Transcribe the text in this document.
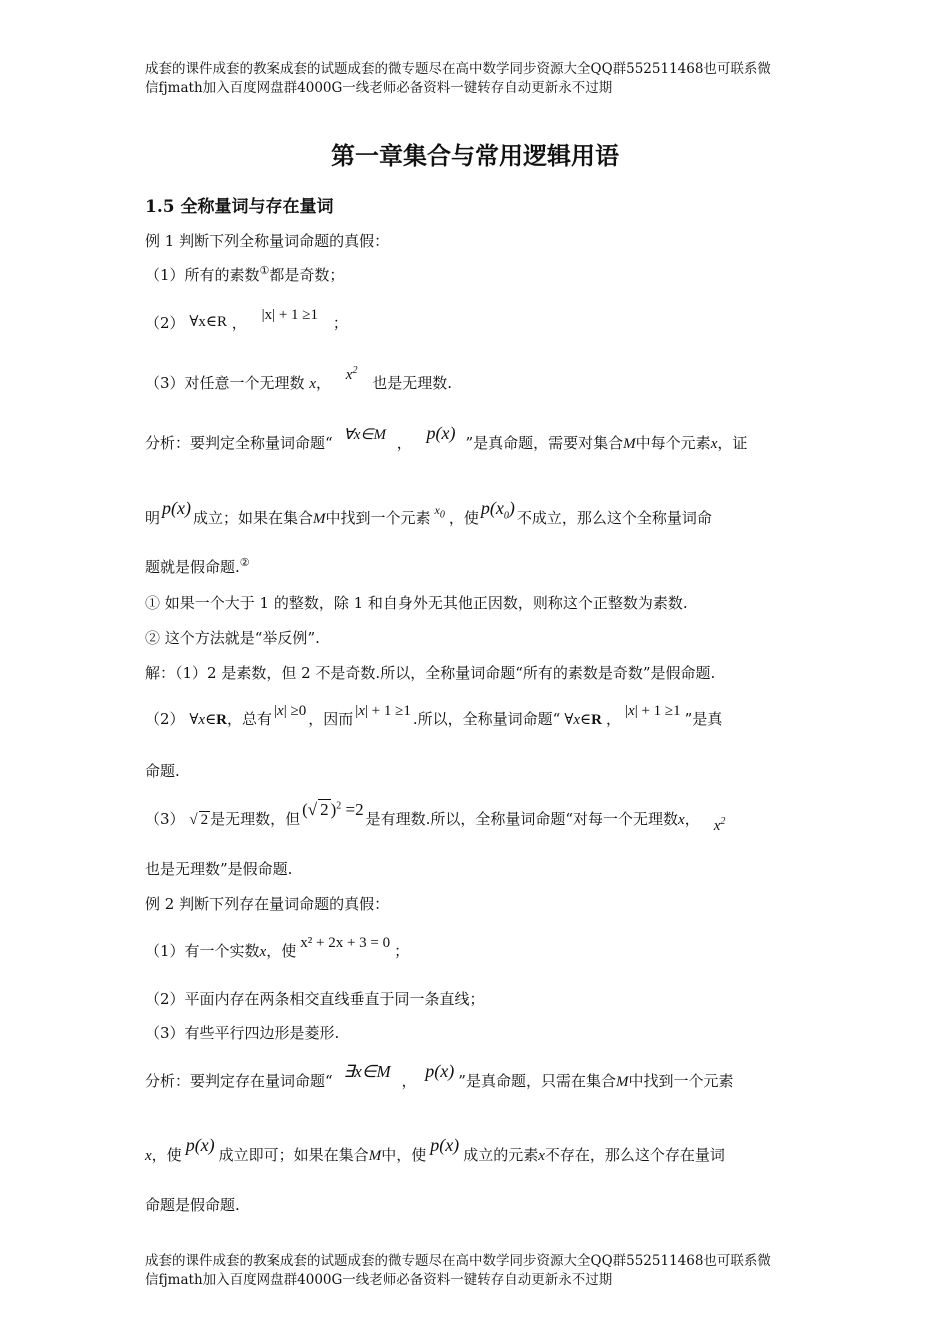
成套的课件成套的教案成套的试题成套的微专题尽在高中数学同步资源大全QQ群552511468也可联系微
信fjmath加入百度网盘群4000G一线老师必备资料一键转存自动更新永不过期
第一章集合与常用逻辑用语
1.5 全称量词与存在量词
例 1 判断下列全称量词命题的真假：
（1）所有的素数①都是奇数；
（2） ∀x∈R ， |x| + 1 ≥1 ；
（3）对任意一个无理数 x， $x^2$ 也是无理数.
分析：要判定全称量词命题“ ∀x∈M ， p(x) ”是真命题，需要对集合M中每个元素x，证
明 p(x) 成立；如果在集合M中找到一个元素 $x_0$ ，使 $p(x_0)$ 不成立，那么这个全称量词命
题就是假命题.②
① 如果一个大于 1 的整数，除 1 和自身外无其他正因数，则称这个正整数为素数.
② 这个方法就是“举反例”.
解：（1）2 是素数，但 2 不是奇数.所以，全称量词命题“所有的素数是奇数”是假命题.
（2） ∀x∈R，总有 |x| ≥0 ，因而 |x| + 1 ≥1 .所以，全称量词命题“ ∀x∈R ， |x| + 1 ≥1 ”是真
命题.
（3） √ 2 是无理数，但 (√ 2 )$^2$ =2 是有理数.所以，全称量词命题“对每一个无理数x， $x^2$
也是无理数”是假命题.
例 2 判断下列存在量词命题的真假：
（1）有一个实数x，使 x² + 2x + 3 = 0 ；
（2）平面内存在两条相交直线垂直于同一条直线；
（3）有些平行四边形是菱形.
分析：要判定存在量词命题“ ∃x∈M ， p(x) ”是真命题，只需在集合M中找到一个元素
x，使 p(x) 成立即可；如果在集合M中，使 p(x) 成立的元素x不存在，那么这个存在量词
命题是假命题.
成套的课件成套的教案成套的试题成套的微专题尽在高中数学同步资源大全QQ群552511468也可联系微
信fjmath加入百度网盘群4000G一线老师必备资料一键转存自动更新永不过期
